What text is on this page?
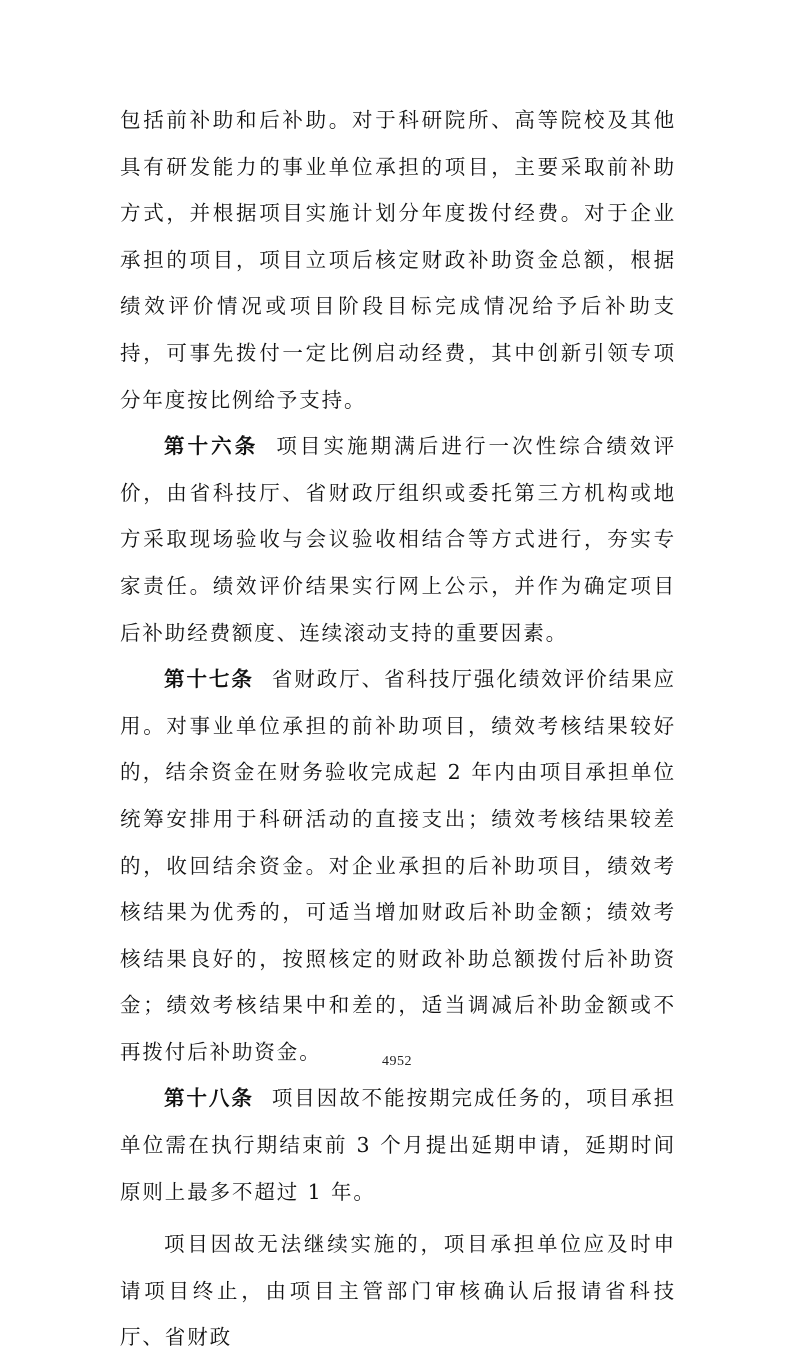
包括前补助和后补助。对于科研院所、高等院校及其他具有研发能力的事业单位承担的项目，主要采取前补助方式，并根据项目实施计划分年度拨付经费。对于企业承担的项目，项目立项后核定财政补助资金总额，根据绩效评价情况或项目阶段目标完成情况给予后补助支持，可事先拨付一定比例启动经费，其中创新引领专项分年度按比例给予支持。

第十六条 项目实施期满后进行一次性综合绩效评价，由省科技厅、省财政厅组织或委托第三方机构或地方采取现场验收与会议验收相结合等方式进行，夯实专家责任。绩效评价结果实行网上公示，并作为确定项目后补助经费额度、连续滚动支持的重要因素。

第十七条 省财政厅、省科技厅强化绩效评价结果应用。对事业单位承担的前补助项目，绩效考核结果较好的，结余资金在财务验收完成起 2 年内由项目承担单位统筹安排用于科研活动的直接支出；绩效考核结果较差的，收回结余资金。对企业承担的后补助项目，绩效考核结果为优秀的，可适当增加财政后补助金额；绩效考核结果良好的，按照核定的财政补助总额拨付后补助资金；绩效考核结果中和差的，适当调减后补助金额或不再拨付后补助资金。

第十八条 项目因故不能按期完成任务的，项目承担单位需在执行期结束前 3 个月提出延期申请，延期时间原则上最多不超过 1 年。

项目因故无法继续实施的，项目承担单位应及时申请项目终止，由项目主管部门审核确认后报请省科技厅、省财政

4952
